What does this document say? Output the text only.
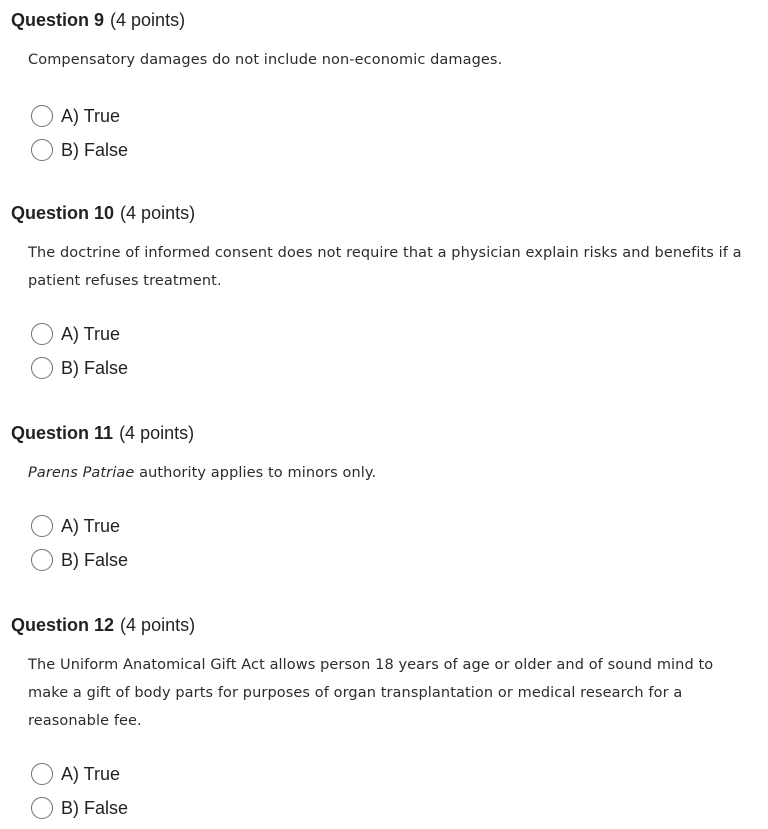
Question 9 (4 points)
Compensatory damages do not include non-economic damages.
A) True
B) False
Question 10 (4 points)
The doctrine of informed consent does not require that a physician explain risks and benefits if a patient refuses treatment.
A) True
B) False
Question 11 (4 points)
Parens Patriae authority applies to minors only.
A) True
B) False
Question 12 (4 points)
The Uniform Anatomical Gift Act allows person 18 years of age or older and of sound mind to make a gift of body parts for purposes of organ transplantation or medical research for a reasonable fee.
A) True
B) False
